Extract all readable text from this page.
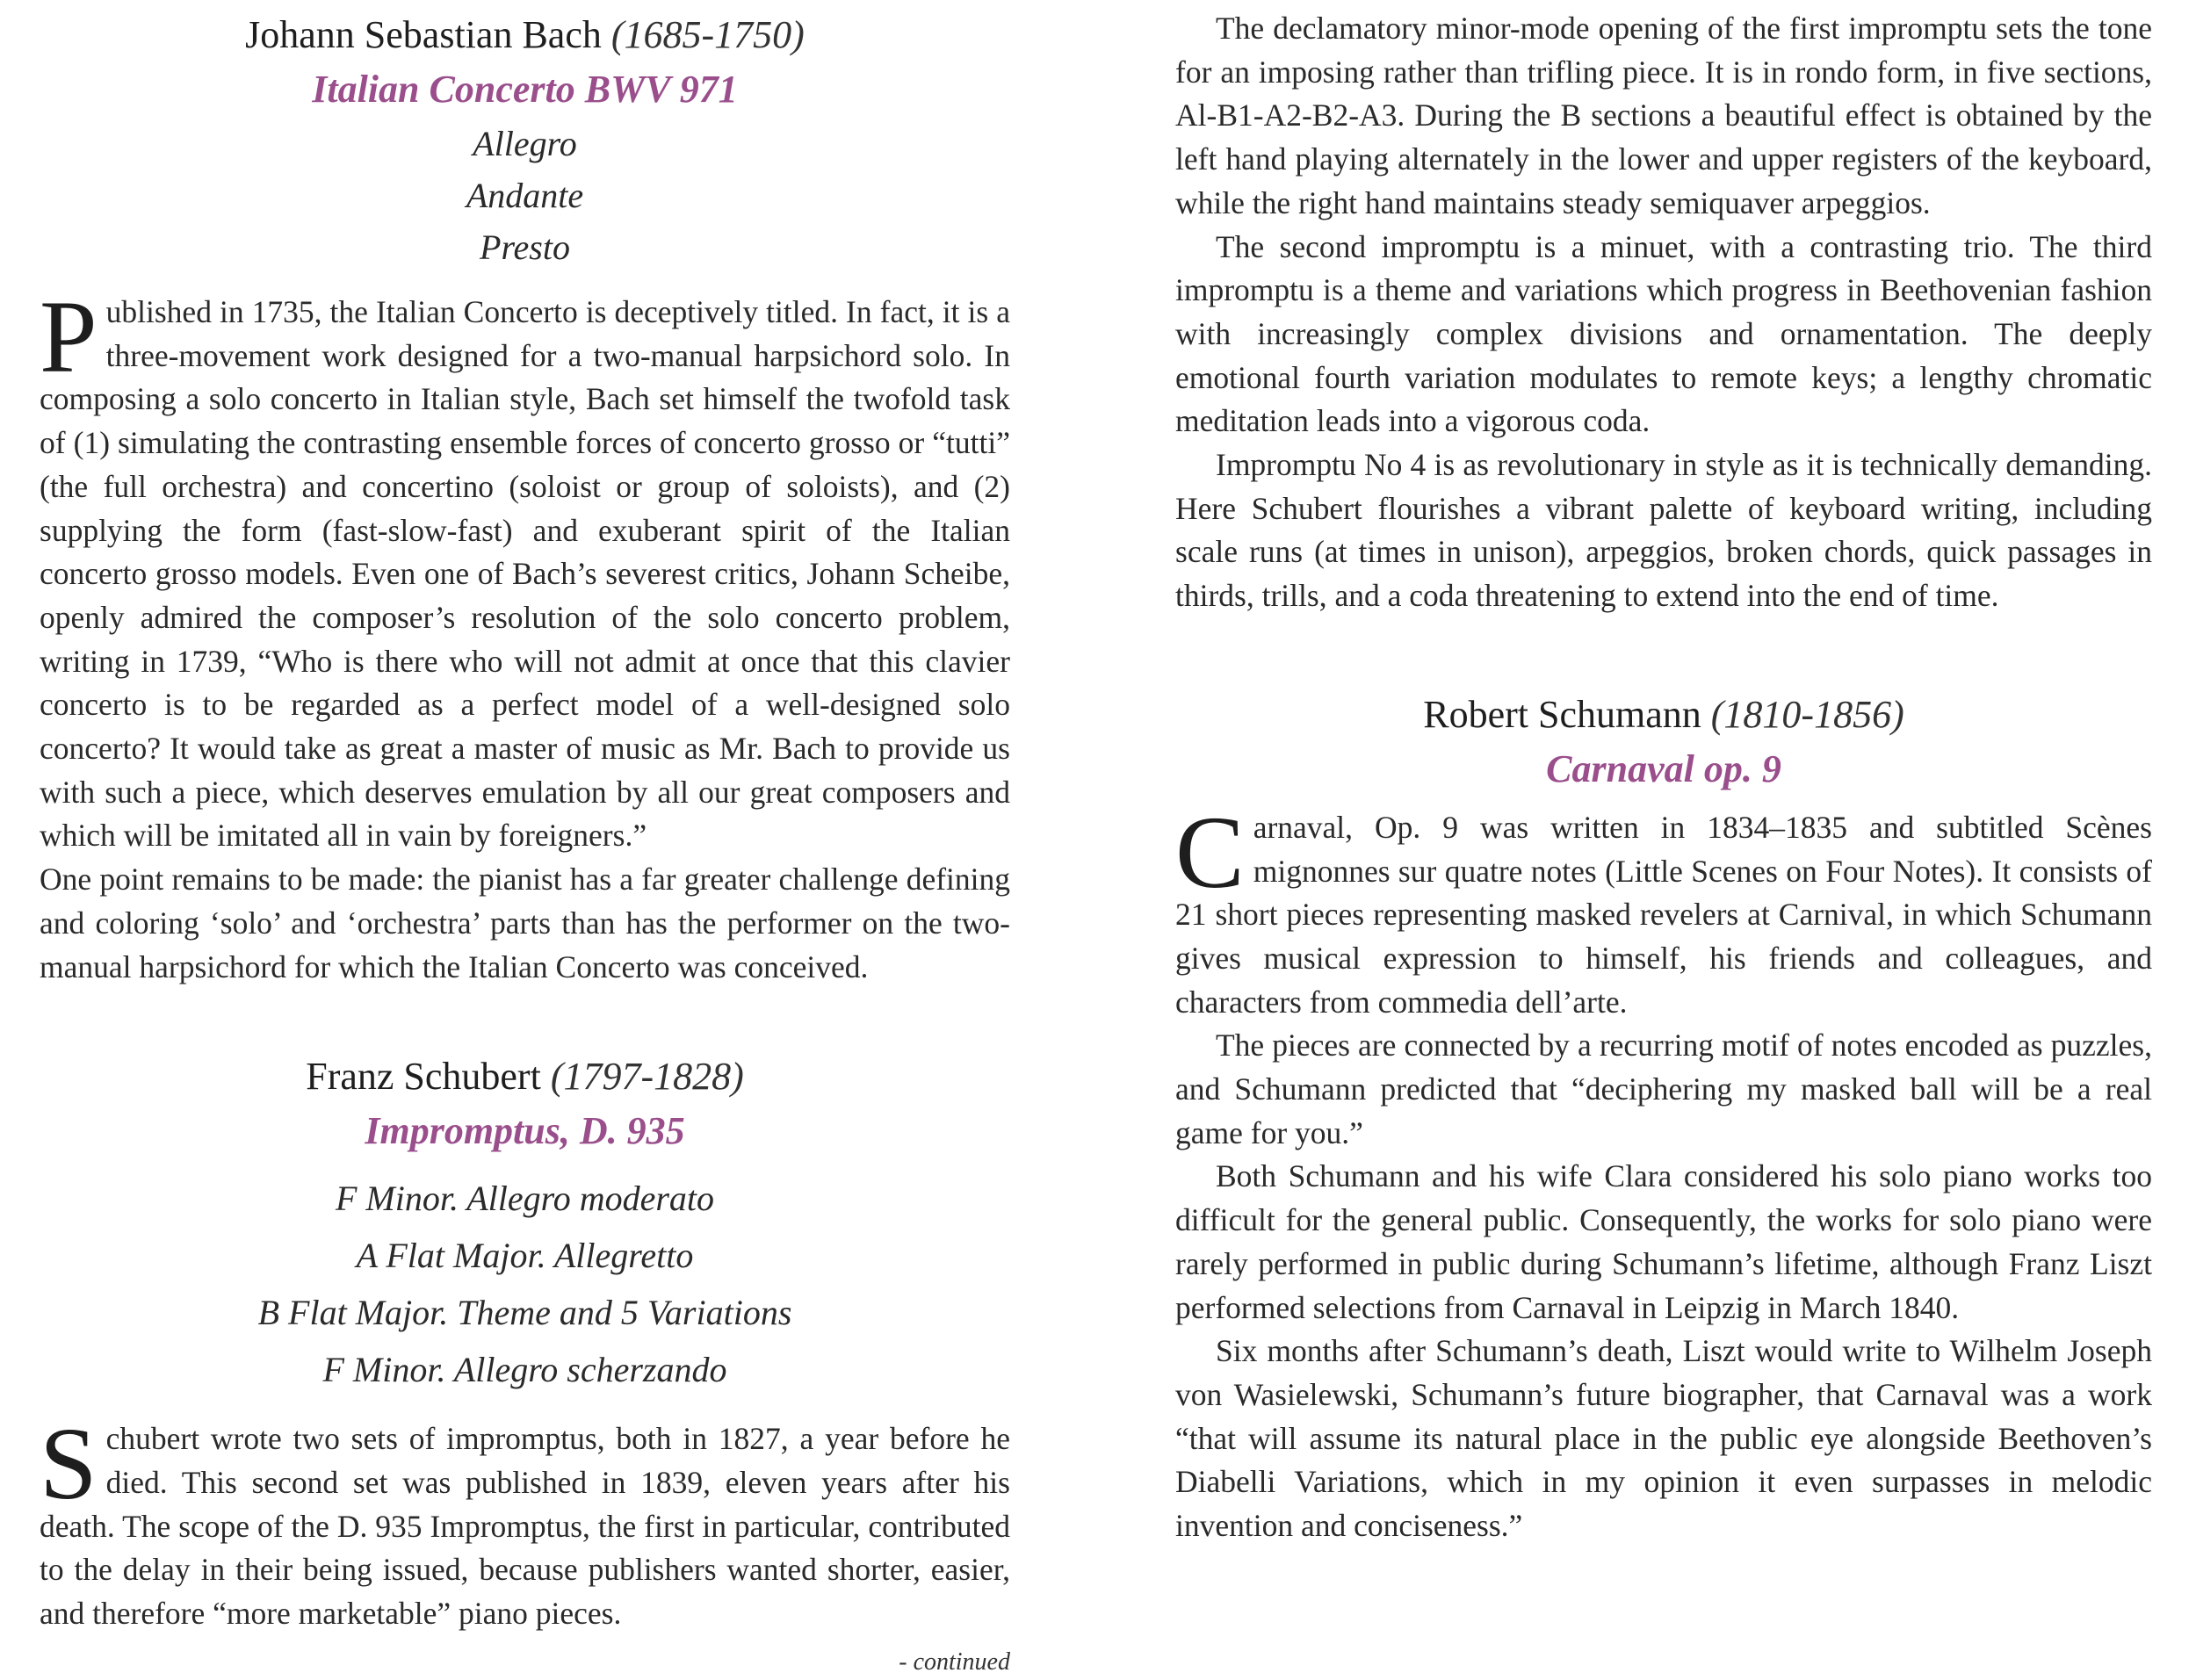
Johann Sebastian Bach (1685-1750)

Italian Concerto BWV 971

Allegro

Andante

Presto

Published in 1735, the Italian Concerto is deceptively titled. In fact, it is a three-movement work designed for a two-manual harpsichord solo. In composing a solo concerto in Italian style, Bach set himself the twofold task of (1) simulating the contrasting ensemble forces of concerto grosso or “tutti” (the full orchestra) and concertino (soloist or group of soloists), and (2) supplying the form (fast-slow-fast) and exuberant spirit of the Italian concerto grosso models. Even one of Bach’s severest critics, Johann Scheibe, openly admired the composer’s resolution of the solo concerto problem, writing in 1739, “Who is there who will not admit at once that this clavier concerto is to be regarded as a perfect model of a well-designed solo concerto? It would take as great a master of music as Mr. Bach to provide us with such a piece, which deserves emulation by all our great composers and which will be imitated all in vain by foreigners.”

One point remains to be made: the pianist has a far greater challenge defining and coloring ‘solo’ and ‘orchestra’ parts than has the performer on the two-manual harpsichord for which the Italian Concerto was conceived.

Franz Schubert (1797-1828)

Impromptus, D. 935

F Minor. Allegro moderato

A Flat Major. Allegretto

B Flat Major. Theme and 5 Variations

F Minor. Allegro scherzando

Schubert wrote two sets of impromptus, both in 1827, a year before he died. This second set was published in 1839, eleven years after his death. The scope of the D. 935 Impromptus, the first in particular, contributed to the delay in their being issued, because publishers wanted shorter, easier, and therefore “more marketable” piano pieces.

- continued

The declamatory minor-mode opening of the first impromptu sets the tone for an imposing rather than trifling piece. It is in rondo form, in five sections, Al-B1-A2-B2-A3. During the B sections a beautiful effect is obtained by the left hand playing alternately in the lower and upper registers of the keyboard, while the right hand maintains steady semiquaver arpeggios.

The second impromptu is a minuet, with a contrasting trio. The third impromptu is a theme and variations which progress in Beethovenian fashion with increasingly complex divisions and ornamentation. The deeply emotional fourth variation modulates to remote keys; a lengthy chromatic meditation leads into a vigorous coda.

Impromptu No 4 is as revolutionary in style as it is technically demanding. Here Schubert flourishes a vibrant palette of keyboard writing, including scale runs (at times in unison), arpeggios, broken chords, quick passages in thirds, trills, and a coda threatening to extend into the end of time.

Robert Schumann (1810-1856)

Carnaval op. 9

Carnaval, Op. 9 was written in 1834–1835 and subtitled Scènes mignonnes sur quatre notes (Little Scenes on Four Notes). It consists of 21 short pieces representing masked revelers at Carnival, in which Schumann gives musical expression to himself, his friends and colleagues, and characters from commedia dell’arte.

The pieces are connected by a recurring motif of notes encoded as puzzles, and Schumann predicted that “deciphering my masked ball will be a real game for you.”

Both Schumann and his wife Clara considered his solo piano works too difficult for the general public. Consequently, the works for solo piano were rarely performed in public during Schumann’s lifetime, although Franz Liszt performed selections from Carnaval in Leipzig in March 1840.

Six months after Schumann’s death, Liszt would write to Wilhelm Joseph von Wasielewski, Schumann’s future biographer, that Carnaval was a work “that will assume its natural place in the public eye alongside Beethoven’s Diabelli Variations, which in my opinion it even surpasses in melodic invention and conciseness.”
